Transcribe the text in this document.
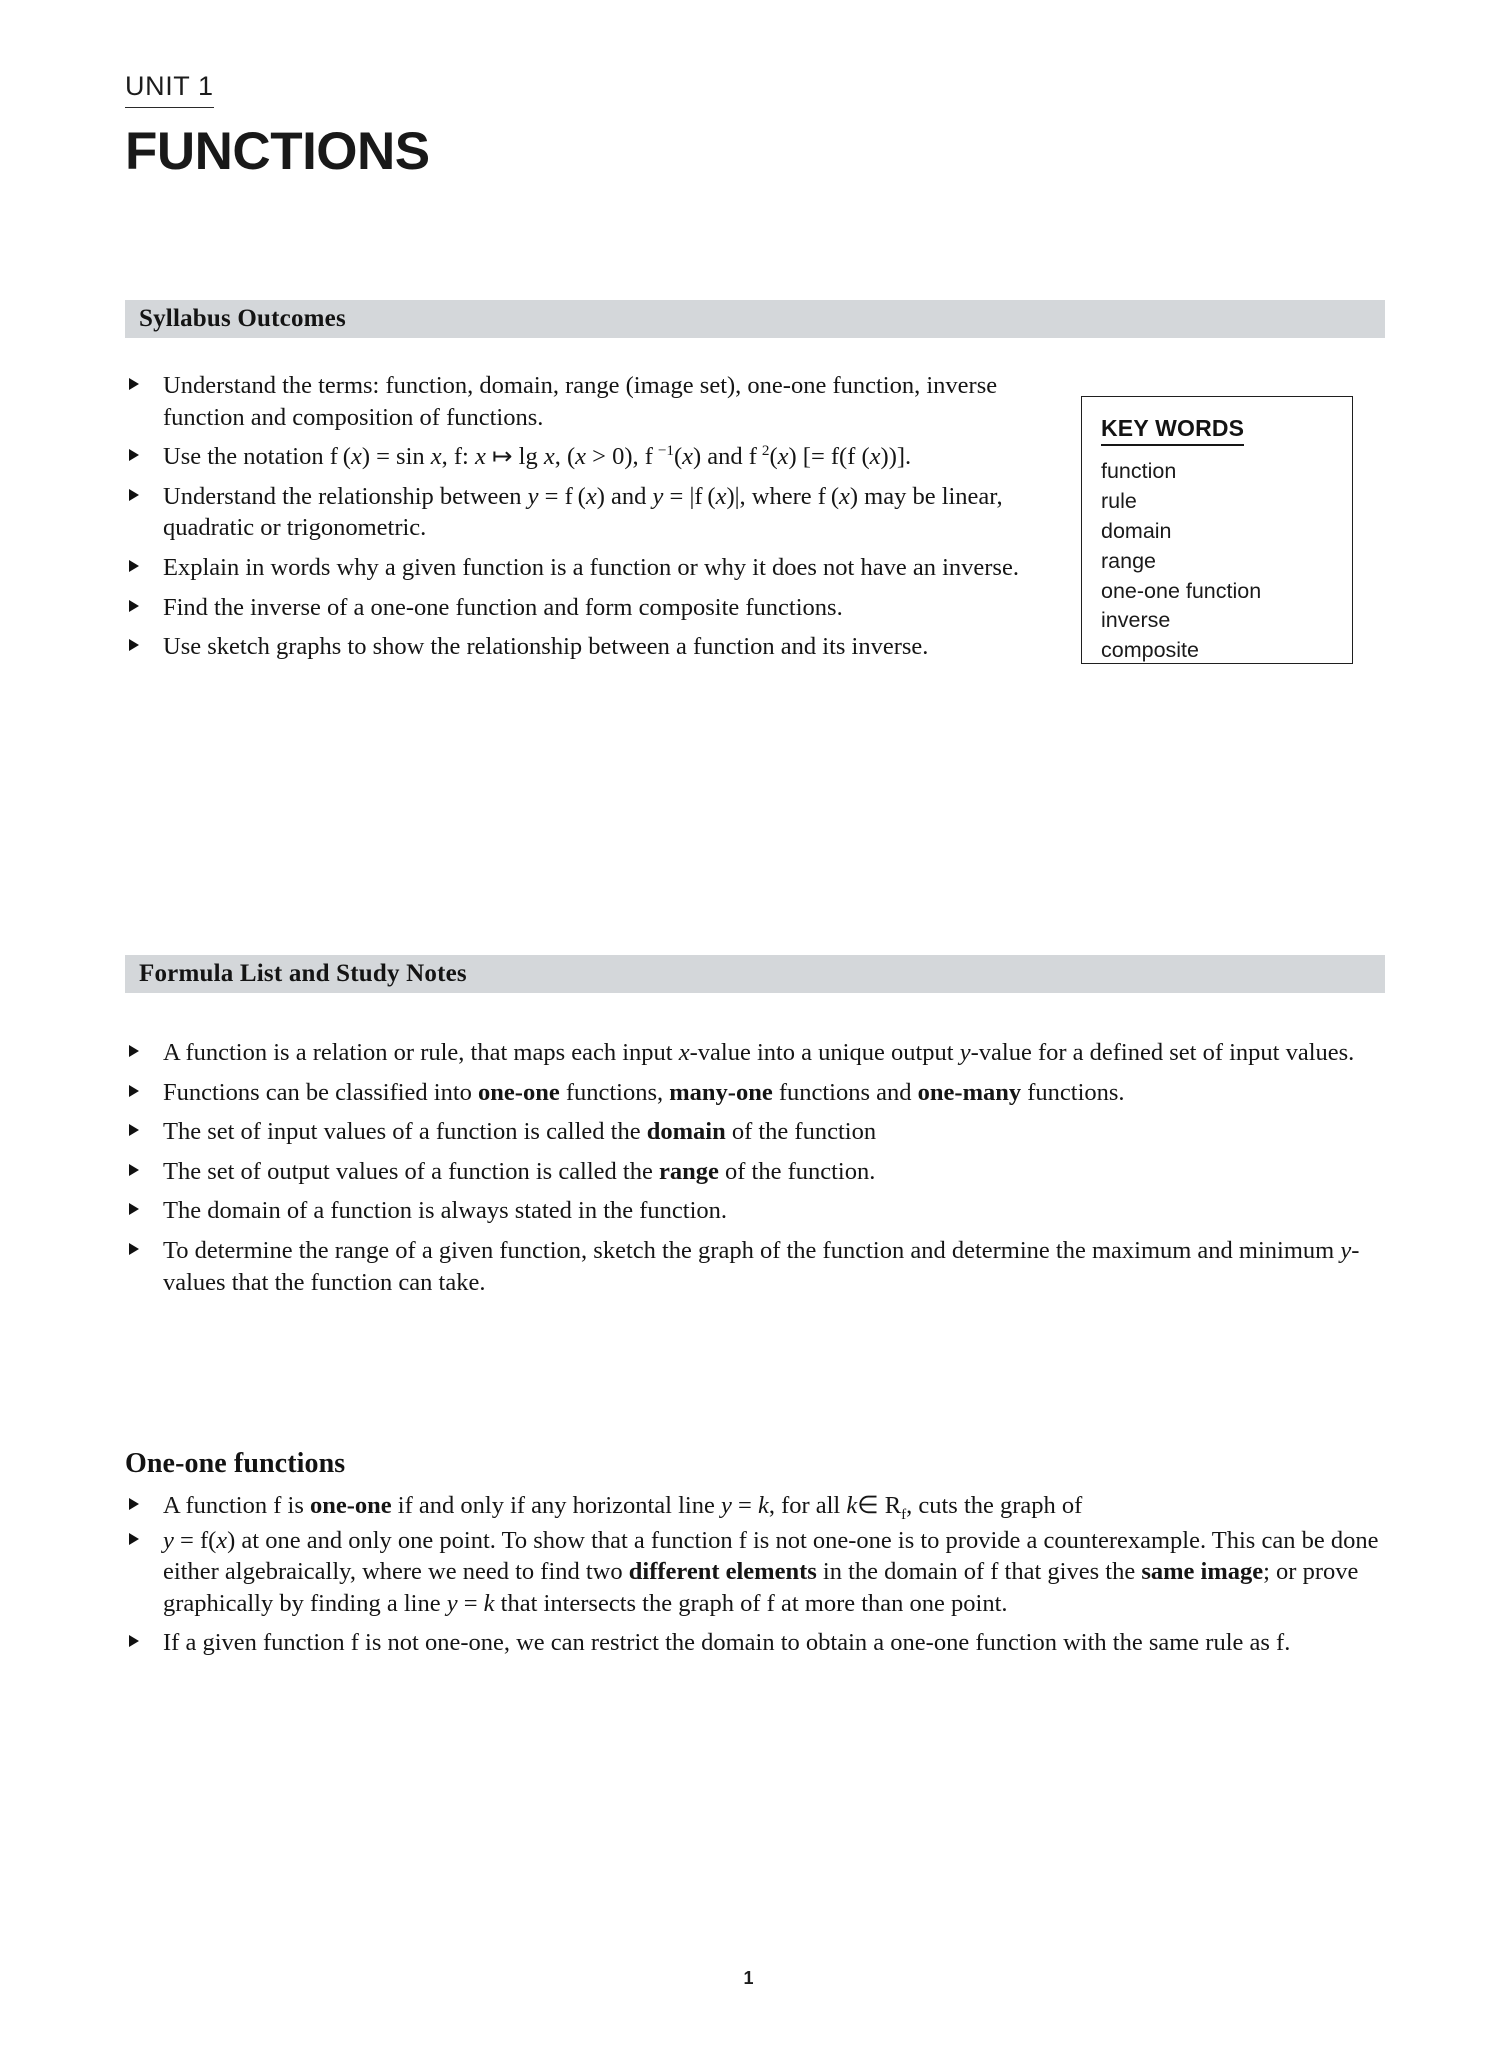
UNIT 1
FUNCTIONS
Syllabus Outcomes
Understand the terms: function, domain, range (image set), one-one function, inverse function and composition of functions.
Use the notation f (x) = sin x, f: x ↦ lg x, (x > 0), f $^{-1}$(x) and f $^2$(x) [= f(f (x))].
Understand the relationship between y = f (x) and y = |f (x)|, where f (x) may be linear, quadratic or trigonometric.
Explain in words why a given function is a function or why it does not have an inverse.
Find the inverse of a one-one function and form composite functions.
Use sketch graphs to show the relationship between a function and its inverse.
KEY WORDS
function
rule
domain
range
one-one function
inverse
composite
Formula List and Study Notes
A function is a relation or rule, that maps each input x-value into a unique output y-value for a defined set of input values.
Functions can be classified into one-one functions, many-one functions and one-many functions.
The set of input values of a function is called the domain of the function
The set of output values of a function is called the range of the function.
The domain of a function is always stated in the function.
To determine the range of a given function, sketch the graph of the function and determine the maximum and minimum y-values that the function can take.
One-one functions
A function f is one-one if and only if any horizontal line y = k, for all k∈ $R_f$, cuts the graph of
y = f(x) at one and only one point. To show that a function f is not one-one is to provide a counterexample. This can be done either algebraically, where we need to find two different elements in the domain of f that gives the same image; or prove graphically by finding a line y = k that intersects the graph of f at more than one point.
If a given function f is not one-one, we can restrict the domain to obtain a one-one function with the same rule as f.
1
